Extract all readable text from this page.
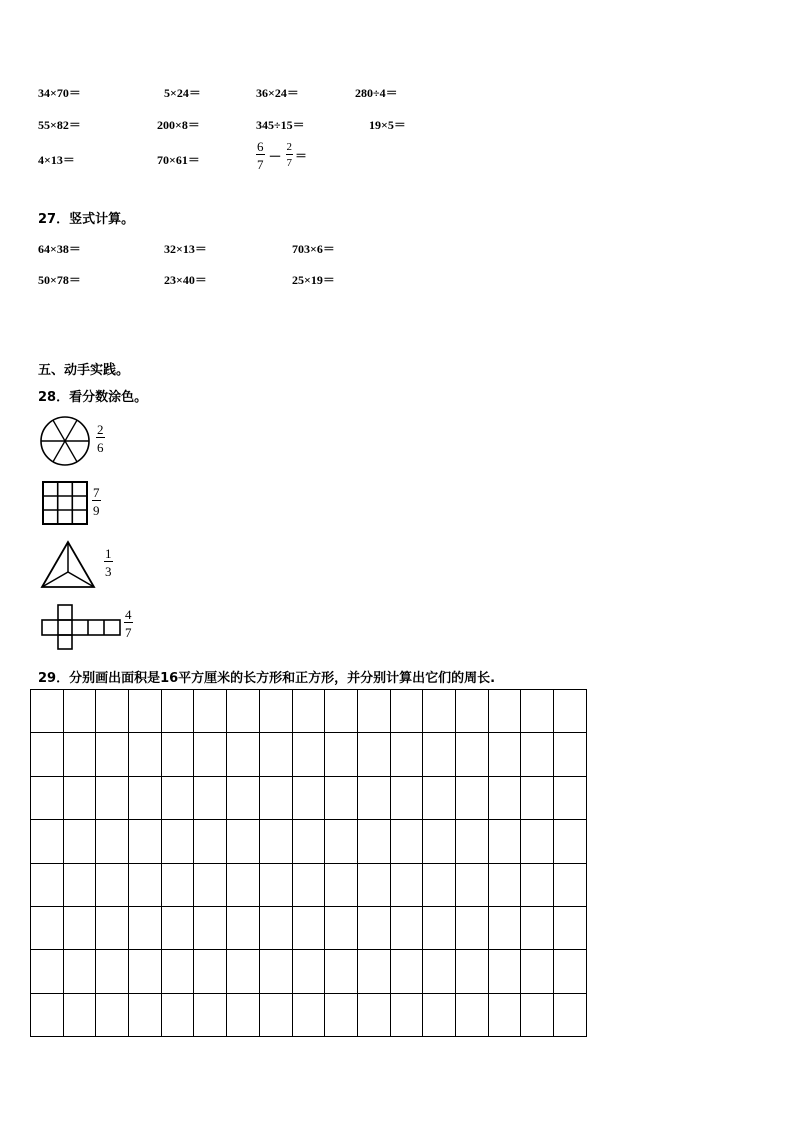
34×70＝	5×24＝	36×24＝	280÷4＝
55×82＝	200×8＝	345÷15＝	19×5＝
4×13＝	70×61＝	$\frac{6}{7} - \frac{2}{7}$ ＝
27．竖式计算。
64×38＝	32×13＝	703×6＝
50×78＝	23×40＝	25×19＝
五、动手实践。
28．看分数涂色。
2
6
7
9
1
3
4
7
29．分别画出面积是16平方厘米的长方形和正方形，并分别计算出它们的周长.
